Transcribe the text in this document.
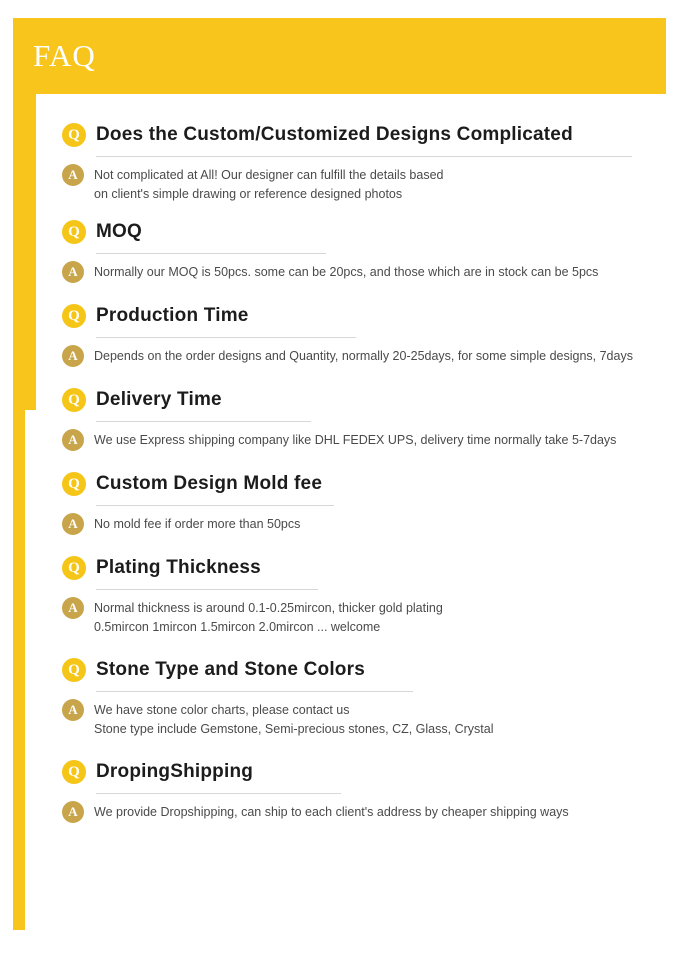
FAQ
Q Does the Custom/Customized Designs Complicated
A	Not complicated at All! Our designer can fulfill the details based
on client's simple drawing or reference designed photos
Q MOQ
A	Normally our MOQ is 50pcs. some can be 20pcs, and those which are in stock can be 5pcs
Q Production Time
A	Depends on the order designs and Quantity, normally 20-25days, for some simple designs, 7days
Q Delivery Time
A	We use Express shipping company like DHL FEDEX UPS, delivery time normally take 5-7days
Q Custom Design Mold fee
A	No mold fee if order more than 50pcs
Q Plating Thickness
A	Normal thickness is around 0.1-0.25mircon, thicker gold plating
0.5mircon 1mircon 1.5mircon 2.0mircon ... welcome
Q Stone Type and Stone Colors
A	We have stone color charts, please contact us
Stone type include Gemstone, Semi-precious stones, CZ, Glass, Crystal
Q DropingShipping
A	We provide Dropshipping, can ship to each client's address by cheaper shipping ways
